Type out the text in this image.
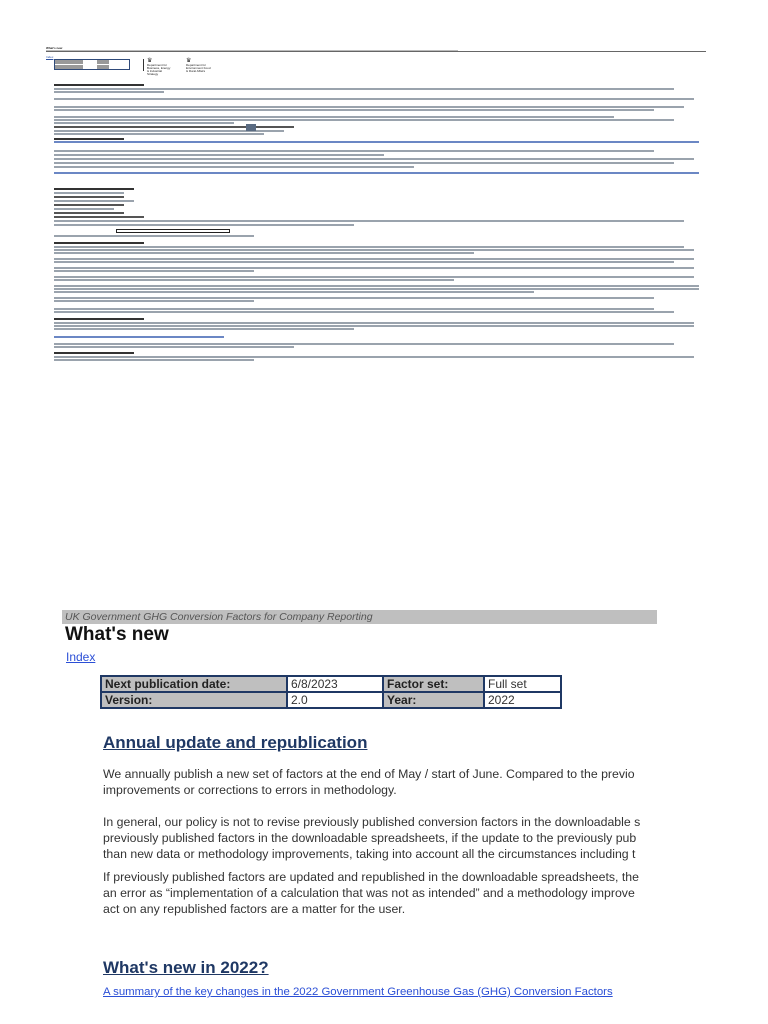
What's new
Index
♛
Department for Business, Energy & Industrial Strategy
♛
Department for Environment Food & Rural Affairs
UK Government GHG Conversion Factors for Company Reporting
What's new
Index
Next publication date:	6/8/2023	Factor set:	Full set
Version:	2.0	Year:	2022
Annual update and republication
We annually publish a new set of factors at the end of May / start of June. Compared to the previo
improvements or corrections to errors in methodology.
In general, our policy is not to revise previously published conversion factors in the downloadable s
previously published factors in the downloadable spreadsheets, if the update to the previously pub
than new data or methodology improvements, taking into account all the circumstances including t
If previously published factors are updated and republished in the downloadable spreadsheets, the
an error as “implementation of a calculation that was not as intended” and a methodology improve
act on any republished factors are a matter for the user.
What's new in 2022?
A summary of the key changes in the 2022 Government Greenhouse Gas (GHG) Conversion Factors
